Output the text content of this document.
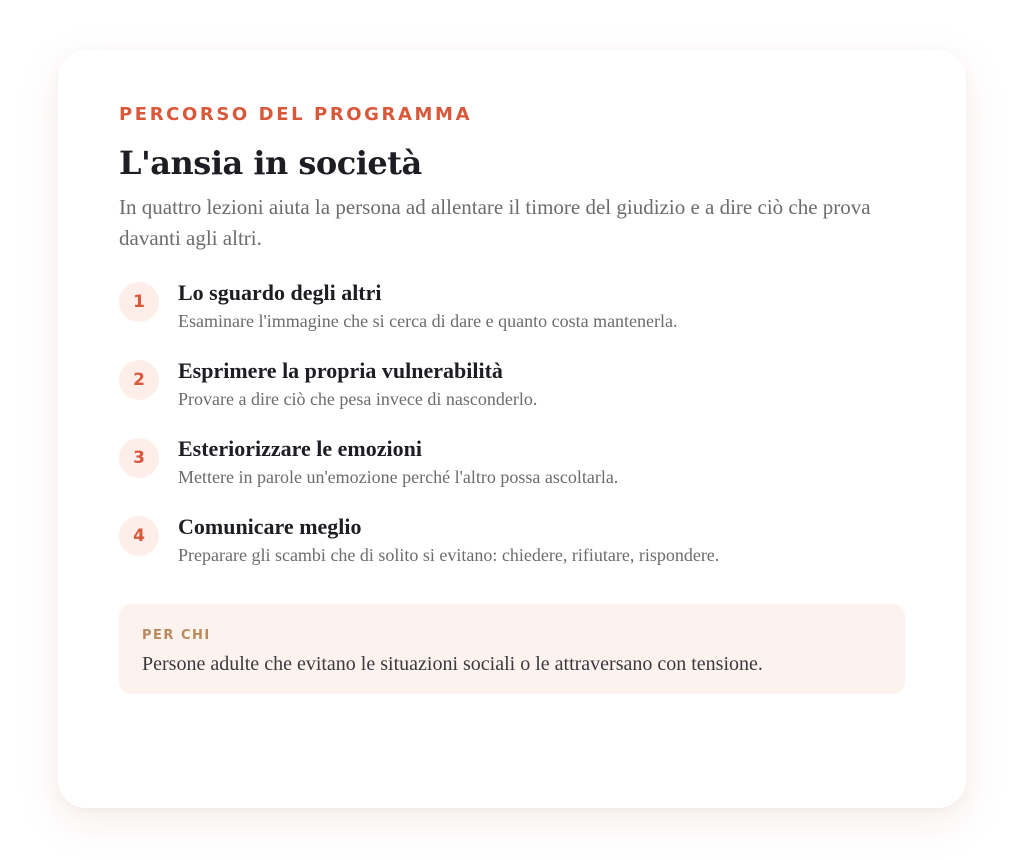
PERCORSO DEL PROGRAMMA
L'ansia in società
In quattro lezioni aiuta la persona ad allentare il timore del giudizio e a dire ciò che prova davanti agli altri.
1	Lo sguardo degli altri
Esaminare l'immagine che si cerca di dare e quanto costa mantenerla.
2	Esprimere la propria vulnerabilità
Provare a dire ciò che pesa invece di nasconderlo.
3	Esteriorizzare le emozioni
Mettere in parole un'emozione perché l'altro possa ascoltarla.
4	Comunicare meglio
Preparare gli scambi che di solito si evitano: chiedere, rifiutare, rispondere.
PER CHI
Persone adulte che evitano le situazioni sociali o le attraversano con tensione.
